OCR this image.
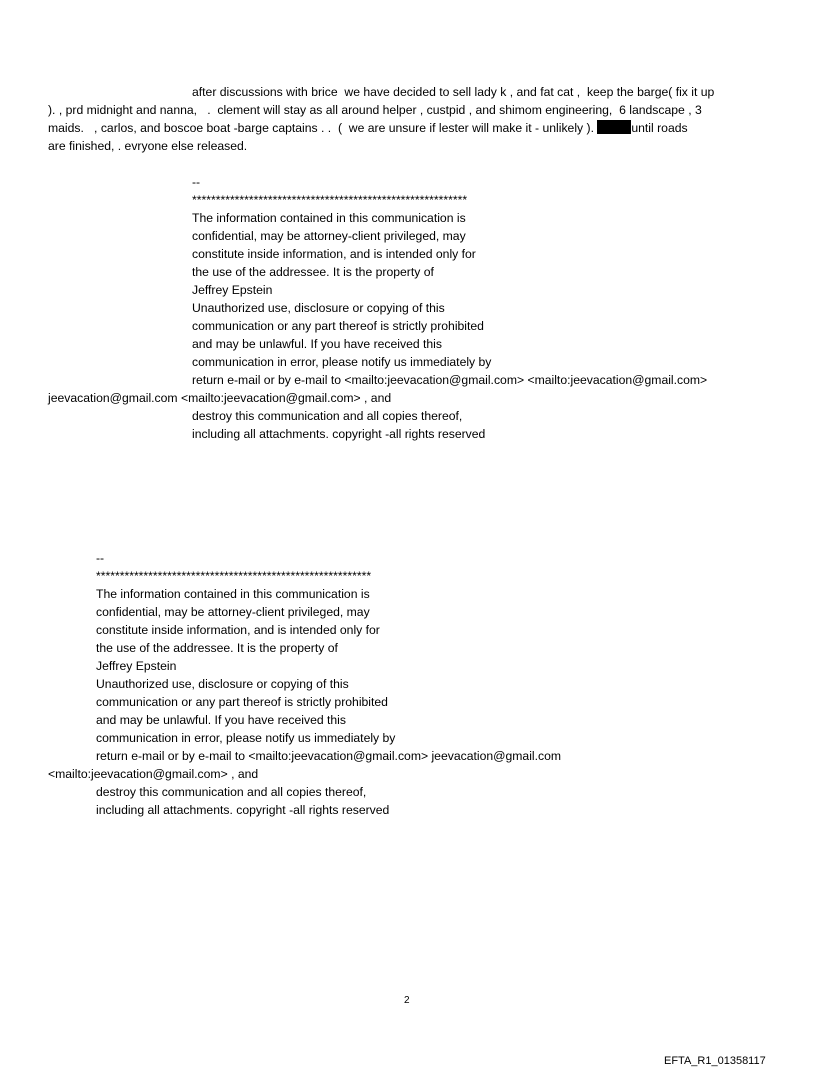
after discussions with brice  we have decided to sell lady k , and fat cat ,  keep the barge( fix it up
). , prd midnight and nanna,   .  clement will stay as all around helper , custpid , and shimom engineering,  6 landscape , 3
maids.   , carlos, and boscoe boat -barge captains . .  (  we are unsure if lester will make it - unlikely ).	until roads
are finished, . evryone else released.
--
**********************************************************
The information contained in this communication is
confidential, may be attorney-client privileged, may
constitute inside information, and is intended only for
the use of the addressee. It is the property of
Jeffrey Epstein
Unauthorized use, disclosure or copying of this
communication or any part thereof is strictly prohibited
and may be unlawful. If you have received this
communication in error, please notify us immediately by
return e-mail or by e-mail to <mailto:jeevacation@gmail.com> <mailto:jeevacation@gmail.com>
jeevacation@gmail.com <mailto:jeevacation@gmail.com> , and
destroy this communication and all copies thereof,
including all attachments. copyright -all rights reserved
--
**********************************************************
The information contained in this communication is
confidential, may be attorney-client privileged, may
constitute inside information, and is intended only for
the use of the addressee. It is the property of
Jeffrey Epstein
Unauthorized use, disclosure or copying of this
communication or any part thereof is strictly prohibited
and may be unlawful. If you have received this
communication in error, please notify us immediately by
return e-mail or by e-mail to <mailto:jeevacation@gmail.com> jeevacation@gmail.com
<mailto:jeevacation@gmail.com> , and
destroy this communication and all copies thereof,
including all attachments. copyright -all rights reserved
2
EFTA_R1_01358117
